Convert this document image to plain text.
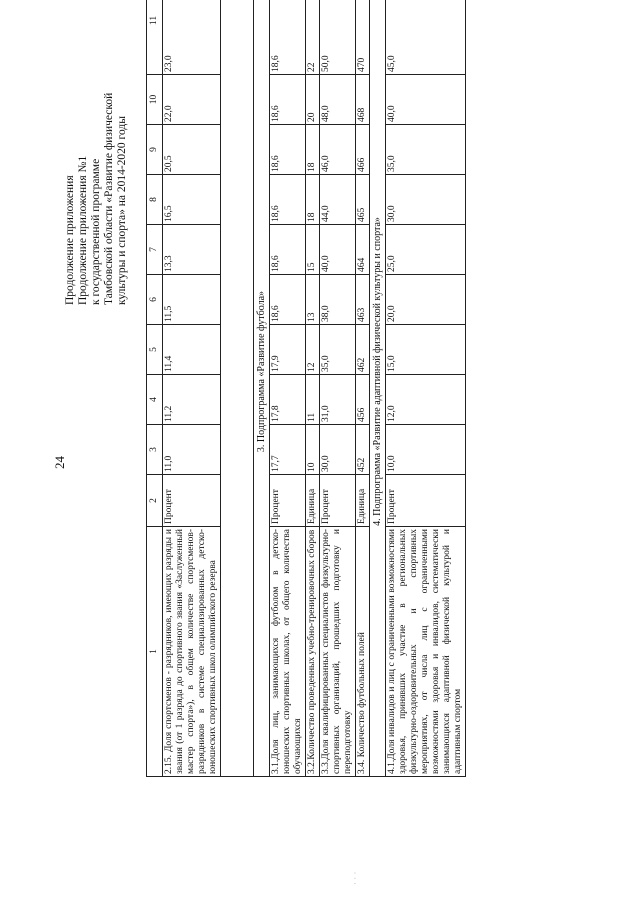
24
Продолжение приложения Продолжение приложения №1 к государственной программе Тамбовской области «Развитие физической культуры и спорта» на 2014-2020 годы
1	2	3	4	5	6	7	8	9	10	11
2.15. Доля спортсменов - разрядников, имеющих разряды и звания (от 1 разряда до спортивного звания «Заслуженный мастер спорта»), в общем количестве спортсменов-разрядников в системе специализированных детско-юношеских спортивных школ олимпийского резерва	Процент	11,0	11,2	11,4	11,5	13,3	16,5	20,5	22,0	23,0

3. Подпрограмма «Развитие футбола»										
3.1.Доля лиц, занимающихся футболом в детско-юношеских спортивных школах, от общего количества обучающихся	Процент	17,7	17,8	17,9	18,6	18,6	18,6	18,6	18,6	18,6
3.2.Количество проведенных учебно-тренировочных сборов	Единица	10	11	12	13	15	18	18	20	22
3.3.Доля квалифицированных специалистов физкультурно-спортивных организаций, прошедших подготовку и переподготовку	Процент	30,0	31,0	35,0	38,0	40,0	44,0	46,0	48,0	50,0
3.4. Количество футбольных полей	Единица	452	456	462	463	464	465	466	468	470
4. Подпрограмма «Развитие адаптивной физической культуры и спорта»										
4.1.Доля инвалидов и лиц с ограниченными возможностями здоровья, принявших участие в региональных физкультурно-оздоровительных и спортивных мероприятиях, от числа лиц с ограниченными возможностями здоровья и инвалидов, систематически занимающихся адаптивной физической культурой и адаптивным спортом	Процент	10,0	12,0	15,0	20,0	25,0	30,0	35,0	40,0	45,0
· · ·
